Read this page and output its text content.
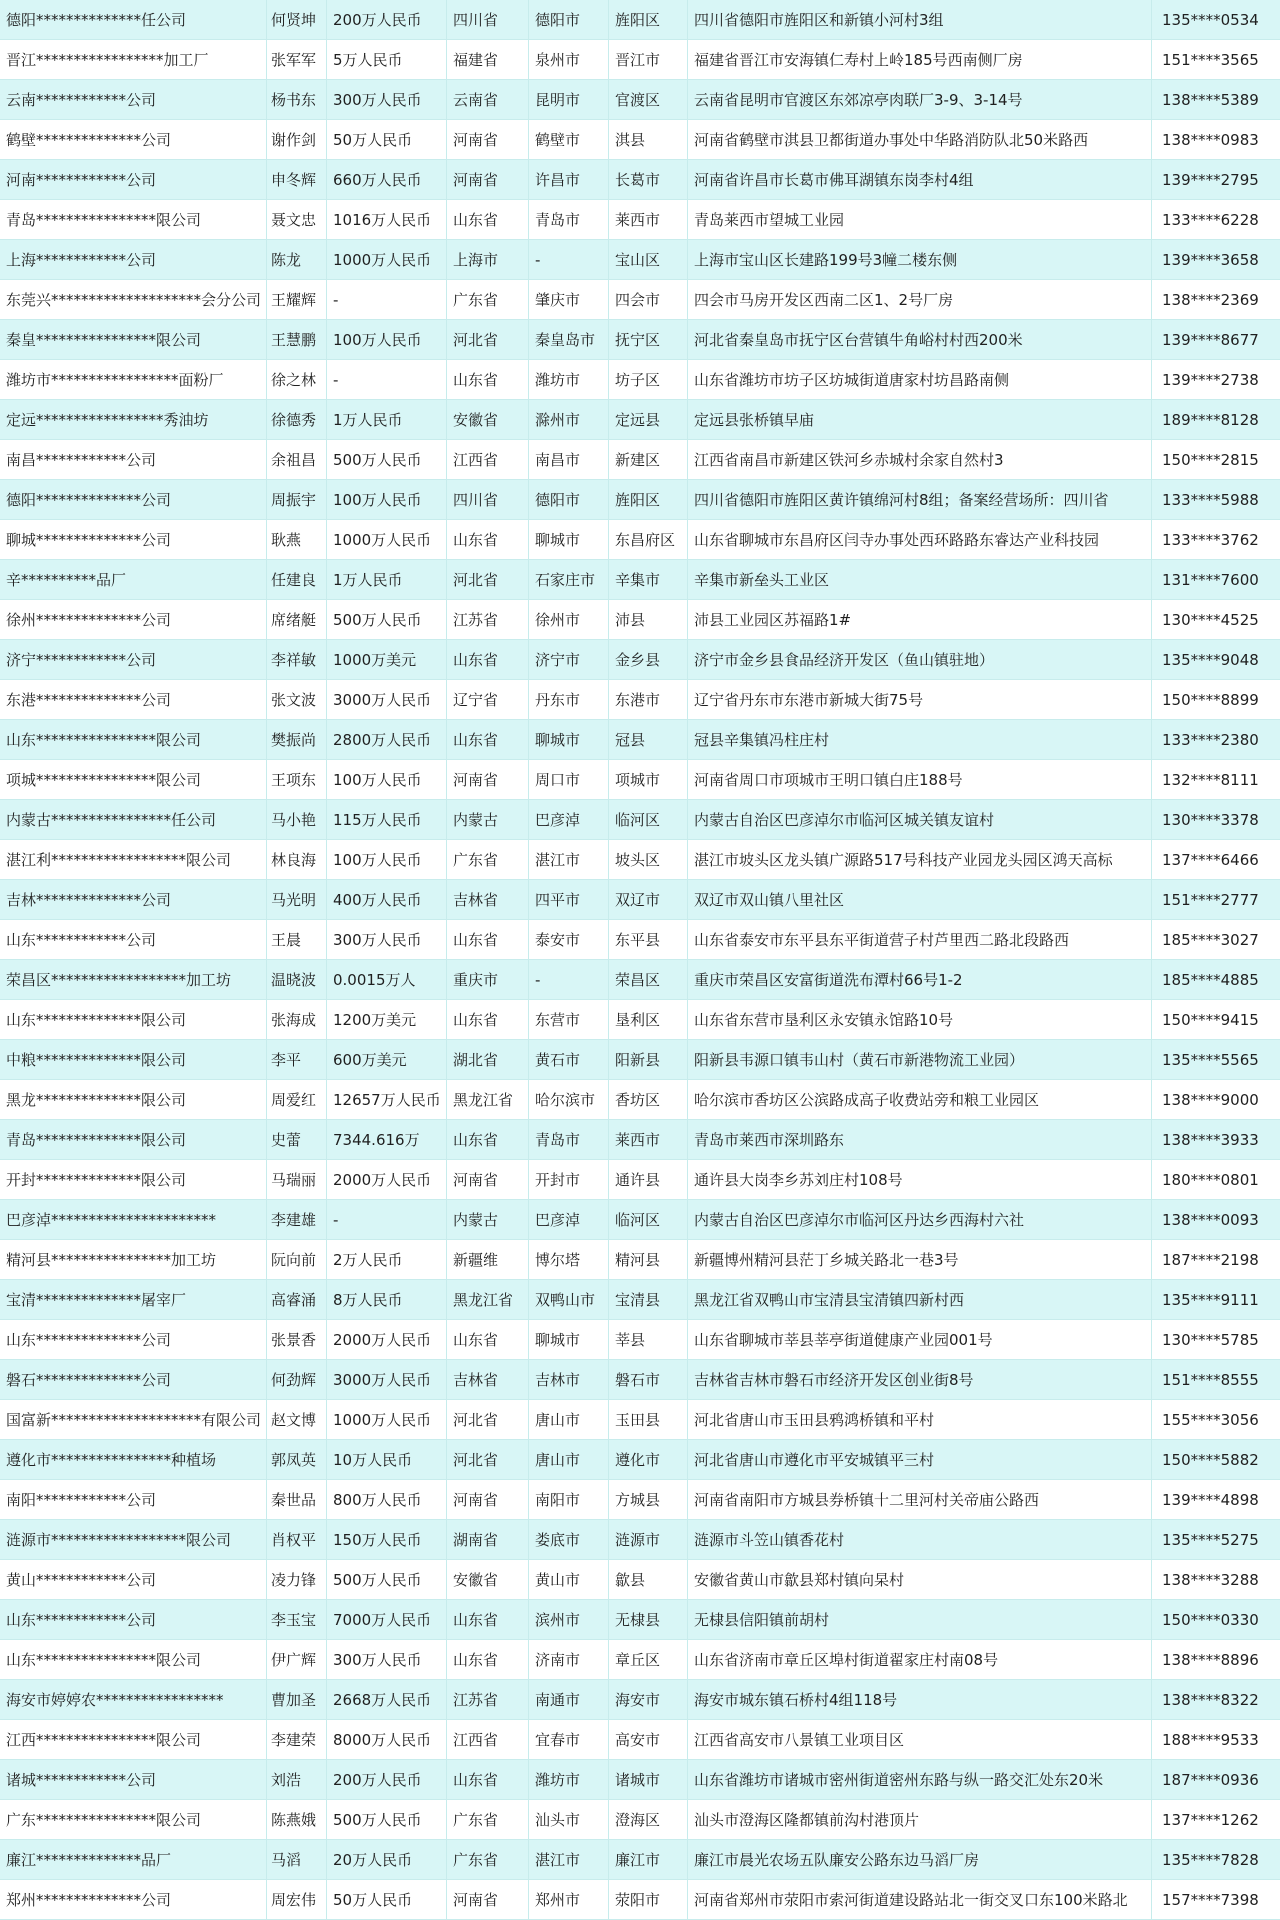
德阳**************任公司	何贤坤	200万人民币	四川省	德阳市	旌阳区	四川省德阳市旌阳区和新镇小河村3组	135****0534
晋江*****************加工厂	张军军	5万人民币	福建省	泉州市	晋江市	福建省晋江市安海镇仁寿村上岭185号西南侧厂房	151****3565
云南************公司	杨书东	300万人民币	云南省	昆明市	官渡区	云南省昆明市官渡区东郊凉亭肉联厂3-9、3-14号	138****5389
鹤壁**************公司	谢作剑	50万人民币	河南省	鹤壁市	淇县	河南省鹤壁市淇县卫都街道办事处中华路消防队北50米路西	138****0983
河南************公司	申冬辉	660万人民币	河南省	许昌市	长葛市	河南省许昌市长葛市佛耳湖镇东岗李村4组	139****2795
青岛****************限公司	聂文忠	1016万人民币	山东省	青岛市	莱西市	青岛莱西市望城工业园	133****6228
上海************公司	陈龙	1000万人民币	上海市	-	宝山区	上海市宝山区长建路199号3幢二楼东侧	139****3658
东莞兴********************会分公司 王耀辉	-	广东省	肇庆市	四会市	四会市马房开发区西南二区1、2号厂房	138****2369
秦皇****************限公司	王慧鹏	100万人民币	河北省	秦皇岛市	抚宁区	河北省秦皇岛市抚宁区台营镇牛角峪村村西200米	139****8677
潍坊市*****************面粉厂	徐之林	-	山东省	潍坊市	坊子区	山东省潍坊市坊子区坊城街道唐家村坊昌路南侧	139****2738
定远*****************秀油坊	徐德秀	1万人民币	安徽省	滁州市	定远县	定远县张桥镇早庙	189****8128
南昌************公司	余祖昌	500万人民币	江西省	南昌市	新建区	江西省南昌市新建区铁河乡赤城村余家自然村3	150****2815
德阳**************公司	周振宇	100万人民币	四川省	德阳市	旌阳区	四川省德阳市旌阳区黄许镇绵河村8组；备案经营场所：四川省	133****5988
聊城**************公司	耿燕	1000万人民币	山东省	聊城市	东昌府区	山东省聊城市东昌府区闫寺办事处西环路路东睿达产业科技园	133****3762
辛**********品厂	任建良	1万人民币	河北省	石家庄市	辛集市	辛集市新垒头工业区	131****7600
徐州**************公司	席绪艇	500万人民币	江苏省	徐州市	沛县	沛县工业园区苏福路1#	130****4525
济宁************公司	李祥敏	1000万美元	山东省	济宁市	金乡县	济宁市金乡县食品经济开发区（鱼山镇驻地）	135****9048
东港**************公司	张文波	3000万人民币	辽宁省	丹东市	东港市	辽宁省丹东市东港市新城大街75号	150****8899
山东****************限公司	樊振尚	2800万人民币	山东省	聊城市	冠县	冠县辛集镇冯柱庄村	133****2380
项城****************限公司	王项东	100万人民币	河南省	周口市	项城市	河南省周口市项城市王明口镇白庄188号	132****8111
内蒙古****************任公司	马小艳	115万人民币	内蒙古	巴彦淖	临河区	内蒙古自治区巴彦淖尔市临河区城关镇友谊村	130****3378
湛江利******************限公司	林良海	100万人民币	广东省	湛江市	坡头区	湛江市坡头区龙头镇广源路517号科技产业园龙头园区鸿天高标	137****6466
吉林**************公司	马光明	400万人民币	吉林省	四平市	双辽市	双辽市双山镇八里社区	151****2777
山东************公司	王晨	300万人民币	山东省	泰安市	东平县	山东省泰安市东平县东平街道营子村芦里西二路北段路西	185****3027
荣昌区******************加工坊	温晓波	0.0015万人	重庆市	-	荣昌区	重庆市荣昌区安富街道洗布潭村66号1-2	185****4885
山东**************限公司	张海成	1200万美元	山东省	东营市	垦利区	山东省东营市垦利区永安镇永馆路10号	150****9415
中粮**************限公司	李平	600万美元	湖北省	黄石市	阳新县	阳新县韦源口镇韦山村（黄石市新港物流工业园）	135****5565
黑龙**************限公司	周爱红	12657万人民币 黑龙江省	哈尔滨市	香坊区	哈尔滨市香坊区公滨路成高子收费站旁和粮工业园区	138****9000
青岛**************限公司	史蕾	7344.616万	山东省	青岛市	莱西市	青岛市莱西市深圳路东	138****3933
开封**************限公司	马瑞丽	2000万人民币	河南省	开封市	通许县	通许县大岗李乡苏刘庄村108号	180****0801
巴彦淖**********************	李建雄	-	内蒙古	巴彦淖	临河区	内蒙古自治区巴彦淖尔市临河区丹达乡西海村六社	138****0093
精河县****************加工坊	阮向前	2万人民币	新疆维	博尔塔	精河县	新疆博州精河县茫丁乡城关路北一巷3号	187****2198
宝清**************屠宰厂	高睿涌	8万人民币	黑龙江省	双鸭山市	宝清县	黑龙江省双鸭山市宝清县宝清镇四新村西	135****9111
山东**************公司	张景香	2000万人民币	山东省	聊城市	莘县	山东省聊城市莘县莘亭街道健康产业园001号	130****5785
磐石**************公司	何劲辉	3000万人民币	吉林省	吉林市	磐石市	吉林省吉林市磐石市经济开发区创业街8号	151****8555
国富新********************有限公司 赵文博	1000万人民币	河北省	唐山市	玉田县	河北省唐山市玉田县鸦鸿桥镇和平村	155****3056
遵化市****************种植场	郭凤英	10万人民币	河北省	唐山市	遵化市	河北省唐山市遵化市平安城镇平三村	150****5882
南阳************公司	秦世品	800万人民币	河南省	南阳市	方城县	河南省南阳市方城县券桥镇十二里河村关帝庙公路西	139****4898
涟源市******************限公司	肖权平	150万人民币	湖南省	娄底市	涟源市	涟源市斗笠山镇香花村	135****5275
黄山************公司	凌力锋	500万人民币	安徽省	黄山市	歙县	安徽省黄山市歙县郑村镇向杲村	138****3288
山东************公司	李玉宝	7000万人民币	山东省	滨州市	无棣县	无棣县信阳镇前胡村	150****0330
山东****************限公司	伊广辉	300万人民币	山东省	济南市	章丘区	山东省济南市章丘区埠村街道翟家庄村南08号	138****8896
海安市婷婷农*****************	曹加圣	2668万人民币	江苏省	南通市	海安市	海安市城东镇石桥村4组118号	138****8322
江西****************限公司	李建荣	8000万人民币	江西省	宜春市	高安市	江西省高安市八景镇工业项目区	188****9533
诸城************公司	刘浩	200万人民币	山东省	潍坊市	诸城市	山东省潍坊市诸城市密州街道密州东路与纵一路交汇处东20米	187****0936
广东****************限公司	陈燕娥	500万人民币	广东省	汕头市	澄海区	汕头市澄海区隆都镇前沟村港顶片	137****1262
廉江**************品厂	马滔	20万人民币	广东省	湛江市	廉江市	廉江市晨光农场五队廉安公路东边马滔厂房	135****7828
郑州**************公司	周宏伟	50万人民币	河南省	郑州市	荥阳市	河南省郑州市荥阳市索河街道建设路站北一街交叉口东100米路北	157****7398
